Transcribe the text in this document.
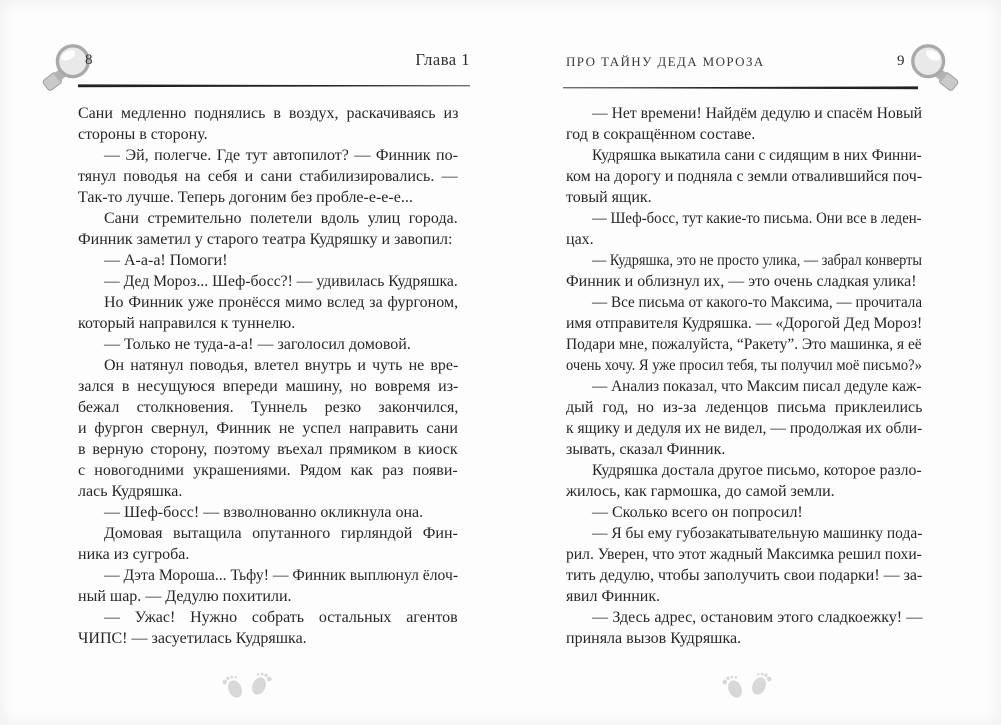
8	Глава 1
Сани медленно поднялись в воздух, раскачиваясь из
стороны в сторону.
— Эй, полегче. Где тут автопилот? — Финник по-
тянул поводья на себя и сани стабилизировались. —
Так-то лучше. Теперь догоним без пробле-е-е-е...
Сани стремительно полетели вдоль улиц города.
Финник заметил у старого театра Кудряшку и завопил:
— А-а-а! Помоги!
— Дед Мороз... Шеф-босс?! — удивилась Кудряшка.
Но Финник уже пронёсся мимо вслед за фургоном,
который направился к туннелю.
— Только не туда-а-а! — заголосил домовой.
Он натянул поводья, влетел внутрь и чуть не вре-
зался в несущуюся впереди машину, но вовремя из-
бежал столкновения. Туннель резко закончился,
и фургон свернул, Финник не успел направить сани
в верную сторону, поэтому въехал прямиком в киоск
с новогодними украшениями. Рядом как раз появи-
лась Кудряшка.
— Шеф-босс! — взволнованно окликнула она.
Домовая вытащила опутанного гирляндой Фин-
ника из сугроба.
— Дэта Мороша... Тьфу! — Финник выплюнул ёлоч-
ный шар. — Дедулю похитили.
— Ужас! Нужно собрать остальных агентов
ЧИПС! — засуетилась Кудряшка.
ПРО ТАЙНУ ДЕДА МОРОЗА	9
— Нет времени! Найдём дедулю и спасём Новый
год в сокращённом составе.
Кудряшка выкатила сани с сидящим в них Финни-
ком на дорогу и подняла с земли отвалившийся поч-
товый ящик.
— Шеф-босс, тут какие-то письма. Они все в леден-
цах.
— Кудряшка, это не просто улика, — забрал конверты
Финник и облизнул их, — это очень сладкая улика!
— Все письма от какого-то Максима, — прочитала
имя отправителя Кудряшка. — «Дорогой Дед Мороз!
Подари мне, пожалуйста, “Ракету”. Это машинка, я её
очень хочу. Я уже просил тебя, ты получил моё письмо?»
— Анализ показал, что Максим писал дедуле каж-
дый год, но из-за леденцов письма приклеились
к ящику и дедуля их не видел, — продолжая их обли-
зывать, сказал Финник.
Кудряшка достала другое письмо, которое разло-
жилось, как гармошка, до самой земли.
— Сколько всего он попросил!
— Я бы ему губозакатывательную машинку пода-
рил. Уверен, что этот жадный Максимка решил похи-
тить дедулю, чтобы заполучить свои подарки! — за-
явил Финник.
— Здесь адрес, остановим этого сладкоежку! —
приняла вызов Кудряшка.
